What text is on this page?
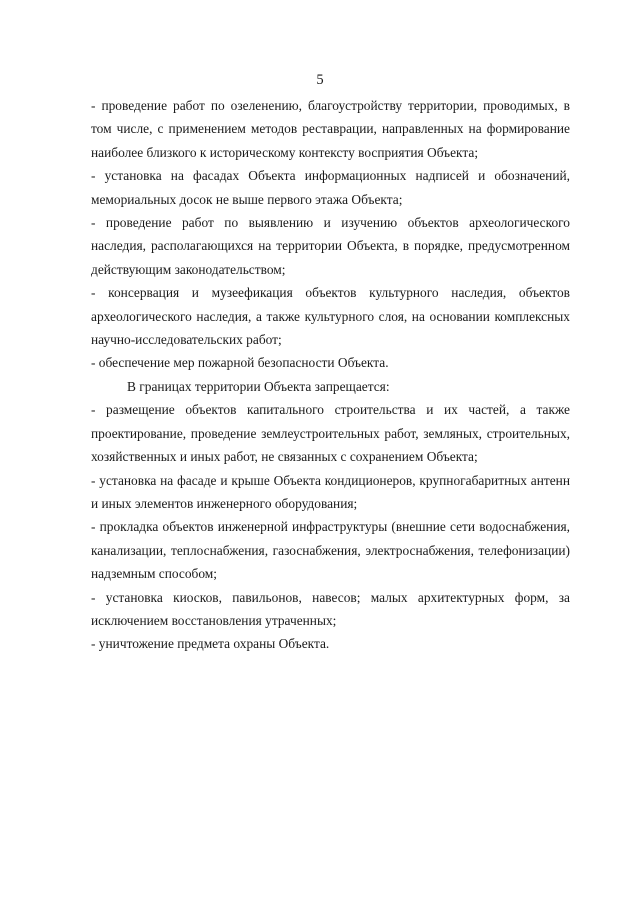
5

- проведение работ по озеленению, благоустройству территории, проводимых, в том числе, с применением методов реставрации, направленных на формирование наиболее близкого к историческому контексту восприятия Объекта;

- установка на фасадах Объекта информационных надписей и обозначений, мемориальных досок не выше первого этажа Объекта;

- проведение работ по выявлению и изучению объектов археологического наследия, располагающихся на территории Объекта, в порядке, предусмотренном действующим законодательством;

- консервация и музеефикация объектов культурного наследия, объектов археологического наследия, а также культурного слоя, на основании комплексных научно-исследовательских работ;

- обеспечение мер пожарной безопасности Объекта.

В границах территории Объекта запрещается:

- размещение объектов капитального строительства и их частей, а также проектирование, проведение землеустроительных работ, земляных, строительных, хозяйственных и иных работ, не связанных с сохранением Объекта;

- установка на фасаде и крыше Объекта кондиционеров, крупногабаритных антенн и иных элементов инженерного оборудования;

- прокладка объектов инженерной инфраструктуры (внешние сети водоснабжения, канализации, теплоснабжения, газоснабжения, электроснабжения, телефонизации) надземным способом;

- установка киосков, павильонов, навесов; малых архитектурных форм, за исключением восстановления утраченных;

- уничтожение предмета охраны Объекта.
